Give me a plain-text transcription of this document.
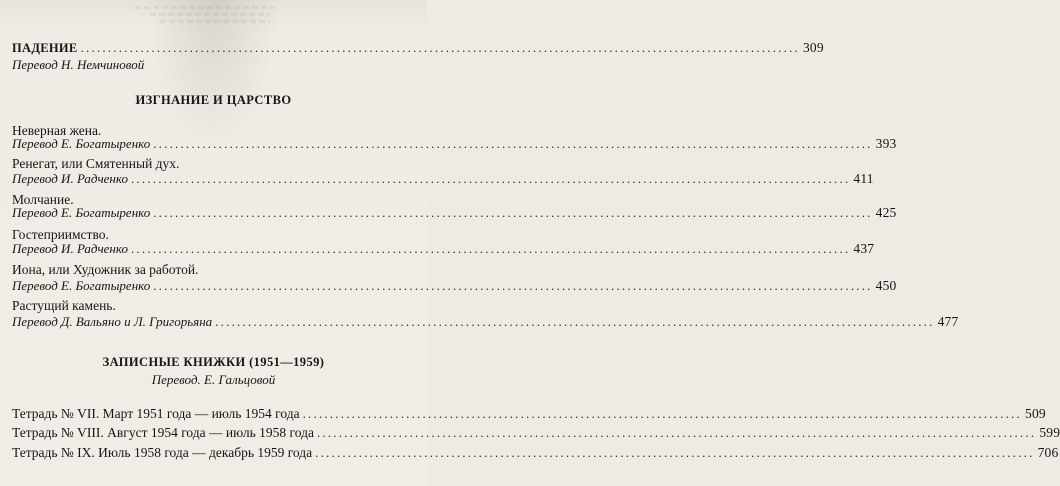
ПАДЕНИЕ .................................................................................................................................... 309
Перевод Н. Немчиновой
ИЗГНАНИЕ И ЦАРСТВО
Неверная жена.
Перевод Е. Богатыренко .................................................................................................................................... 393
Ренегат, или Смятенный дух.
Перевод И. Радченко .................................................................................................................................... 411
Молчание.
Перевод Е. Богатыренко .................................................................................................................................... 425
Гостеприимство.
Перевод И. Радченко .................................................................................................................................... 437
Иона, или Художник за работой.
Перевод Е. Богатыренко .................................................................................................................................... 450
Растущий камень.
Перевод Д. Вальяно и Л. Григорьяна .................................................................................................................................... 477
ЗАПИСНЫЕ КНИЖКИ (1951—1959)
Перевод. Е. Гальцовой
Тетрадь № VII. Март 1951 года — июль 1954 года .................................................................................................................................... 509
Тетрадь № VIII. Август 1954 года — июль 1958 года .................................................................................................................................... 599
Тетрадь № IX. Июль 1958 года — декабрь 1959 года .................................................................................................................................... 706
